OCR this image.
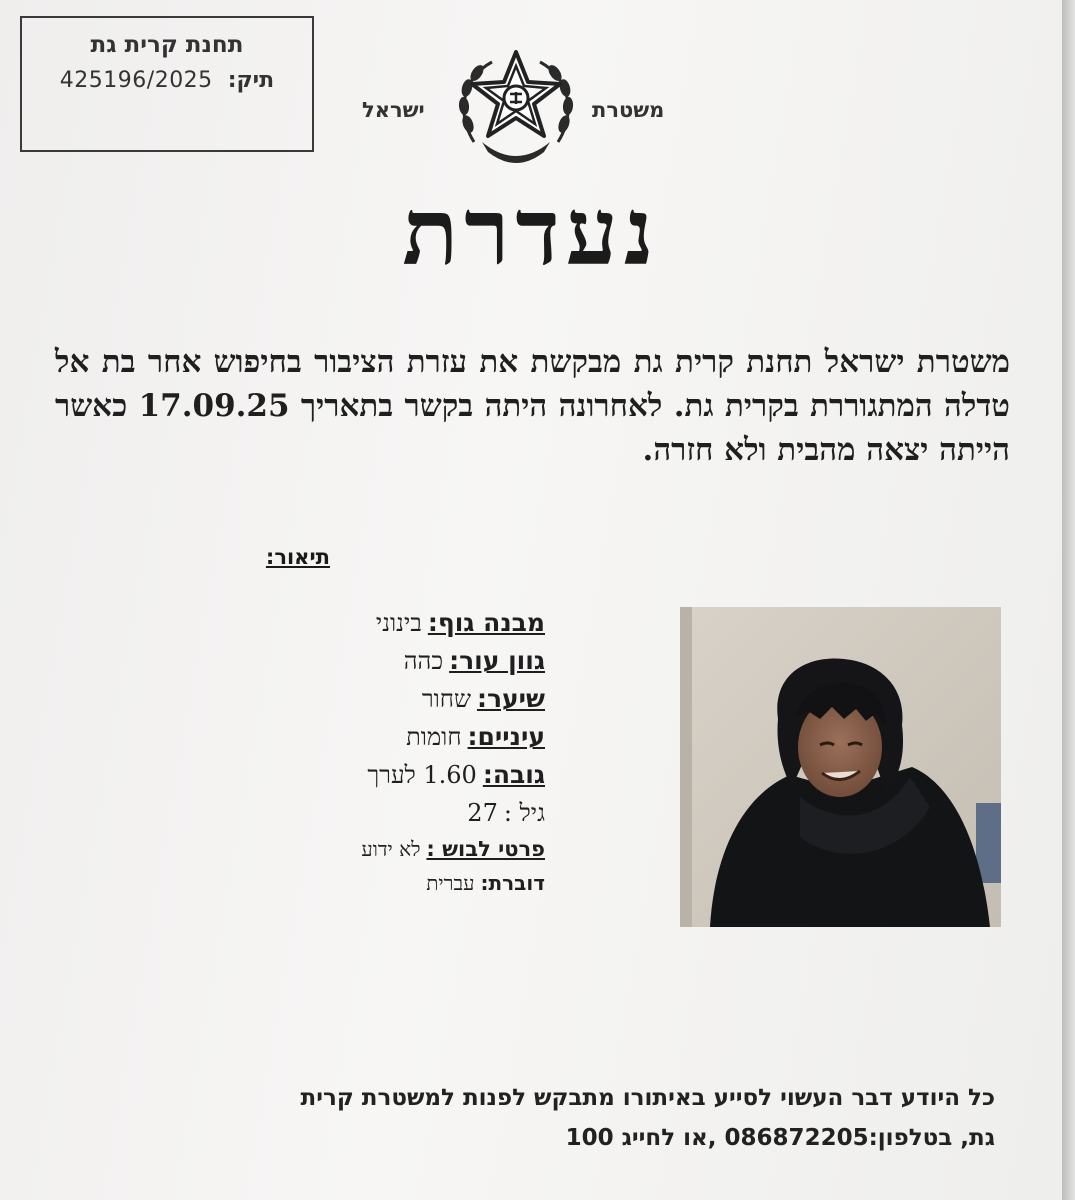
תחנת קרית גת
תיק: 425196/2025
משטרת
ישראל
נעדרת
משטרת ישראל תחנת קרית גת מבקשת את עזרת הציבור בחיפוש אחר בת אל טדלה המתגוררת בקרית גת. לאחרונה היתה בקשר בתאריך 17.09.25 כאשר הייתה יצאה מהבית ולא חזרה.
תיאור:
מבנה גוף:בינוני
גוון עור:כהה
שיער:שחור
עיניים:חומות
גובה:1.60 לערך
גיל :27
פרטי לבוש :לא ידוע
דוברת:עברית
כל היודע דבר העשוי לסייע באיתורו מתבקש לפנות למשטרת קרית
גת, בטלפון:086872205 ,או לחייג 100
